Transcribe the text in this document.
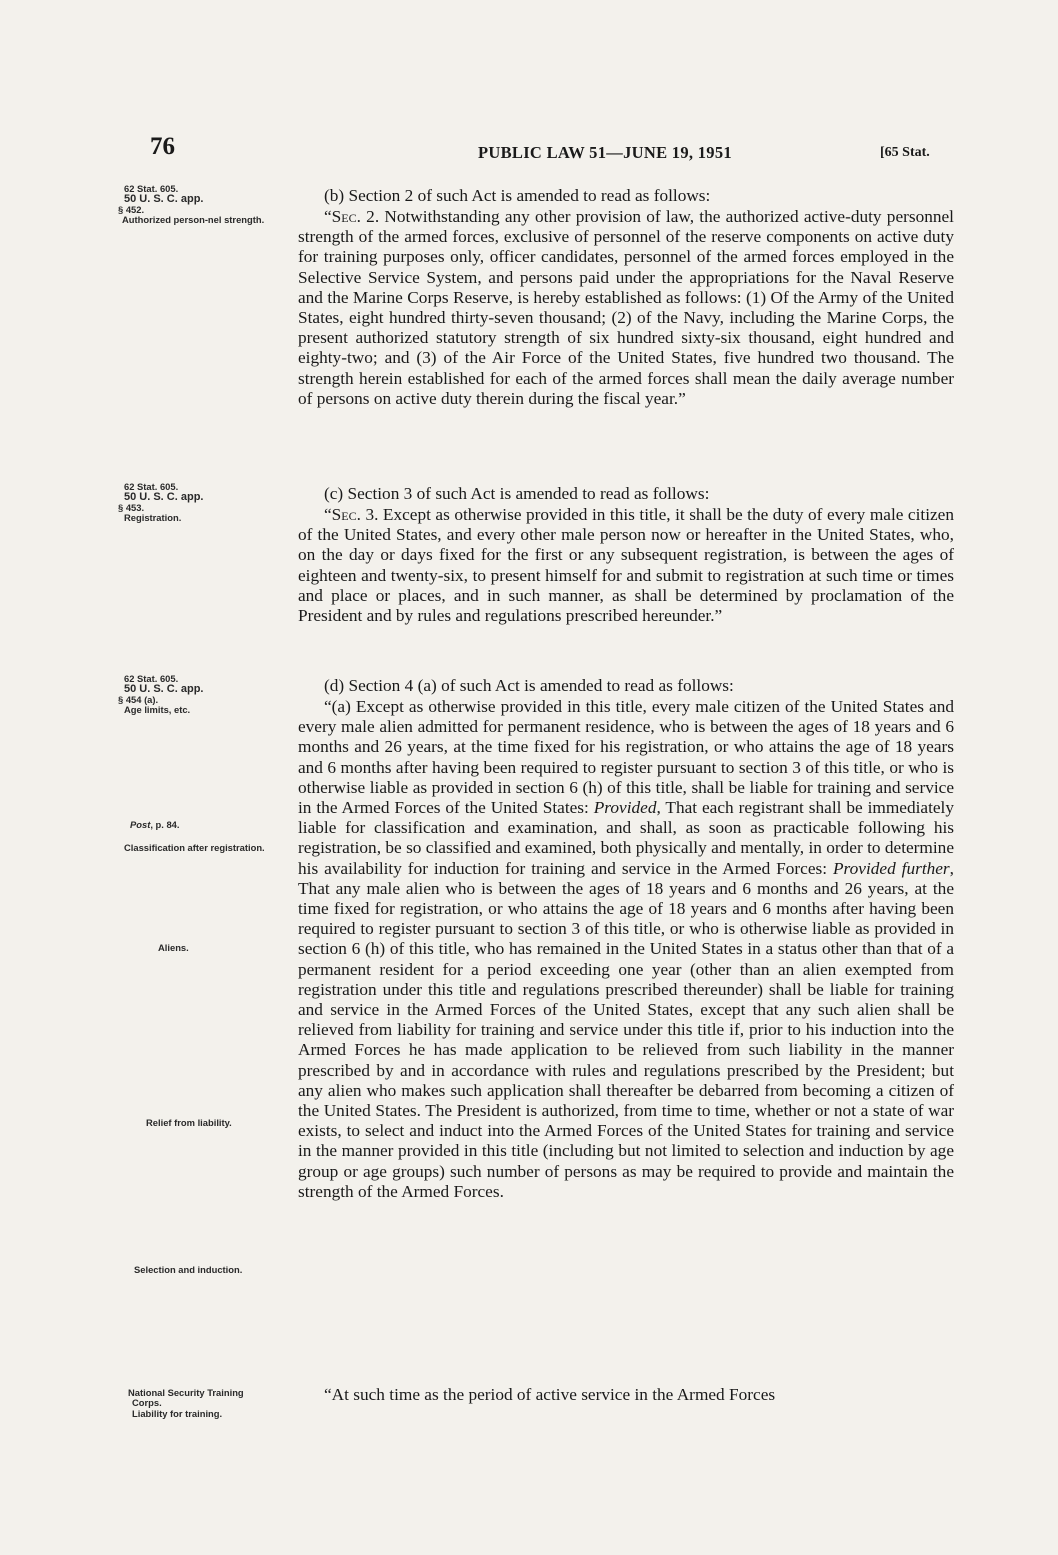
76	PUBLIC LAW 51—JUNE 19, 1951	[65 Stat.
62 Stat. 605.
50 U. S. C. app.
§ 452.
Authorized person-nel strength.
62 Stat. 605.
50 U. S. C. app.
§ 453.
Registration.
62 Stat. 605.
50 U. S. C. app.
§ 454 (a).
Age limits, etc.
Post, p. 84.
Classification after registration.
Aliens.
Relief from liability.
Selection and induction.
National Security Training Corps.
Liability for training.

(b) Section 2 of such Act is amended to read as follows:

“Sec. 2. Notwithstanding any other provision of law, the authorized active-duty personnel strength of the armed forces, exclusive of personnel of the reserve components on active duty for training purposes only, officer candidates, personnel of the armed forces employed in the Selective Service System, and persons paid under the appropriations for the Naval Reserve and the Marine Corps Reserve, is hereby established as follows: (1) Of the Army of the United States, eight hundred thirty-seven thousand; (2) of the Navy, including the Marine Corps, the present authorized statutory strength of six hundred sixty-six thousand, eight hundred and eighty-two; and (3) of the Air Force of the United States, five hundred two thousand. The strength herein established for each of the armed forces shall mean the daily average number of persons on active duty therein during the fiscal year.”

(c) Section 3 of such Act is amended to read as follows:

“Sec. 3. Except as otherwise provided in this title, it shall be the duty of every male citizen of the United States, and every other male person now or hereafter in the United States, who, on the day or days fixed for the first or any subsequent registration, is between the ages of eighteen and twenty-six, to present himself for and submit to registration at such time or times and place or places, and in such manner, as shall be determined by proclamation of the President and by rules and regulations prescribed hereunder.”

(d) Section 4 (a) of such Act is amended to read as follows:

“(a) Except as otherwise provided in this title, every male citizen of the United States and every male alien admitted for permanent residence, who is between the ages of 18 years and 6 months and 26 years, at the time fixed for his registration, or who attains the age of 18 years and 6 months after having been required to register pursuant to section 3 of this title, or who is otherwise liable as provided in section 6 (h) of this title, shall be liable for training and service in the Armed Forces of the United States: Provided, That each registrant shall be immediately liable for classification and examination, and shall, as soon as practicable following his registration, be so classified and examined, both physically and mentally, in order to determine his availability for induction for training and service in the Armed Forces: Provided further, That any male alien who is between the ages of 18 years and 6 months and 26 years, at the time fixed for registration, or who attains the age of 18 years and 6 months after having been required to register pursuant to section 3 of this title, or who is otherwise liable as provided in section 6 (h) of this title, who has remained in the United States in a status other than that of a permanent resident for a period exceeding one year (other than an alien exempted from registration under this title and regulations prescribed thereunder) shall be liable for training and service in the Armed Forces of the United States, except that any such alien shall be relieved from liability for training and service under this title if, prior to his induction into the Armed Forces he has made application to be relieved from such liability in the manner prescribed by and in accordance with rules and regulations prescribed by the President; but any alien who makes such application shall thereafter be debarred from becoming a citizen of the United States. The President is authorized, from time to time, whether or not a state of war exists, to select and induct into the Armed Forces of the United States for training and service in the manner provided in this title (including but not limited to selection and induction by age group or age groups) such number of persons as may be required to provide and maintain the strength of the Armed Forces.

“At such time as the period of active service in the Armed Forces
